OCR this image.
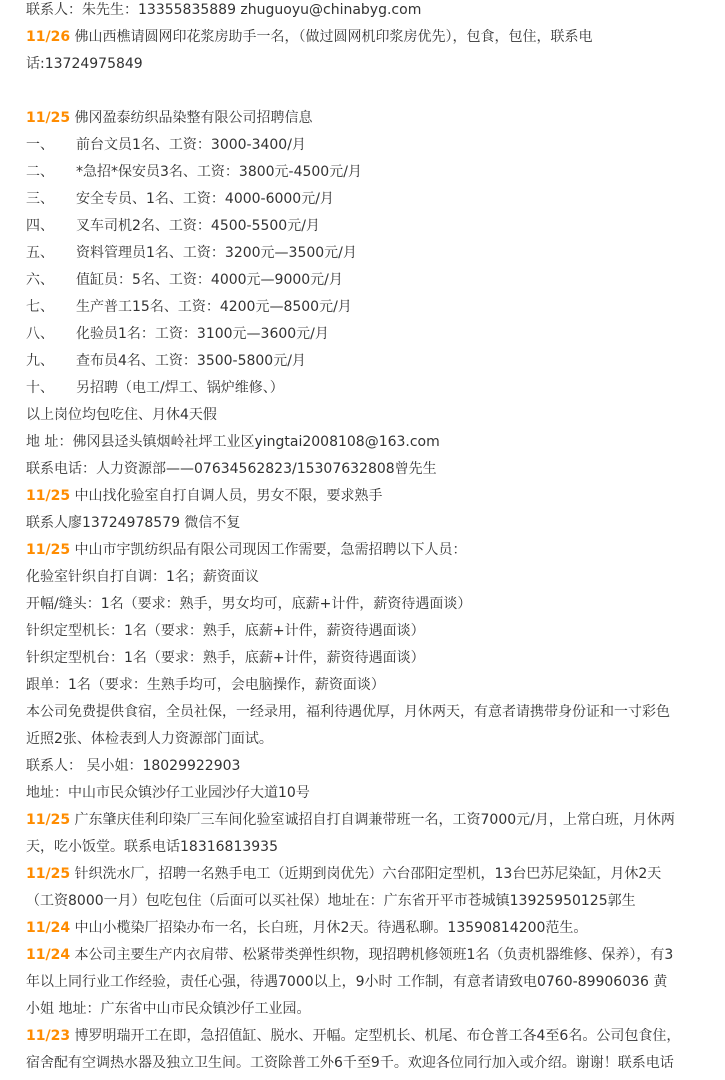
联系人：朱先生：13355835889 zhuguoyu@chinabyg.com
11/26 佛山西樵请圆网印花浆房助手一名，（做过圆网机印浆房优先），包食，包住，联系电
话:13724975849
11/25 佛冈盈泰纺织品染整有限公司招聘信息
一、 前台文员1名、工资：3000-3400/月
二、 *急招*保安员3名、工资：3800元-4500元/月
三、 安全专员、1名、工资：4000-6000元/月
四、 叉车司机2名、工资：4500-5500元/月
五、 资料管理员1名、工资：3200元—3500元/月
六、 值缸员：5名、工资：4000元—9000元/月
七、 生产普工15名、工资：4200元—8500元/月
八、 化验员1名：工资：3100元—3600元/月
九、 查布员4名、工资：3500-5800元/月
十、 另招聘（电工/焊工、锅炉维修、）
以上岗位均包吃住、月休4天假
地 址：佛冈县迳头镇烟岭社坪工业区yingtai2008108@163.com
联系电话：人力资源部——07634562823/15307632808曾先生
11/25 中山找化验室自打自调人员，男女不限，要求熟手
联系人廖13724978579 微信不复
11/25 中山市宇凯纺织品有限公司现因工作需要，急需招聘以下人员：
化验室针织自打自调：1名；薪资面议
开幅/缝头：1名（要求：熟手，男女均可，底薪+计件，薪资待遇面谈）
针织定型机长：1名（要求：熟手，底薪+计件，薪资待遇面谈）
针织定型机台：1名（要求：熟手，底薪+计件，薪资待遇面谈）
跟单：1名（要求：生熟手均可，会电脑操作，薪资面谈）
本公司免费提供食宿，全员社保，一经录用，福利待遇优厚，月休两天，有意者请携带身份证和一寸彩色
近照2张、体检表到人力资源部门面试。
联系人： 吴小姐：18029922903
地址：中山市民众镇沙仔工业园沙仔大道10号
11/25 广东肇庆佳利印染厂三车间化验室诚招自打自调兼带班一名，工资7000元/月，上常白班，月休两
天，吃小饭堂。联系电话18316813935
11/25 针织洗水厂，招聘一名熟手电工（近期到岗优先）六台邵阳定型机，13台巴苏尼染缸，月休2天
（工资8000一月）包吃包住（后面可以买社保）地址在：广东省开平市苍城镇13925950125郭生
11/24 中山小榄染厂招染办布一名，长白班，月休2天。待遇私聊。13590814200范生。
11/24 本公司主要生产内衣肩带、松紧带类弹性织物，现招聘机修领班1名（负责机器维修、保养），有3
年以上同行业工作经验，责任心强，待遇7000以上，9小时 工作制，有意者请致电0760-89906036 黄
小姐 地址：广东省中山市民众镇沙仔工业园。
11/23 博罗明瑞开工在即，急招值缸、脱水、开幅。定型机长、机尾、布仓普工各4至6名。公司包食住，
宿舍配有空调热水器及独立卫生间。工资除普工外6千至9千。欢迎各位同行加入或介绍。谢谢！联系电话
